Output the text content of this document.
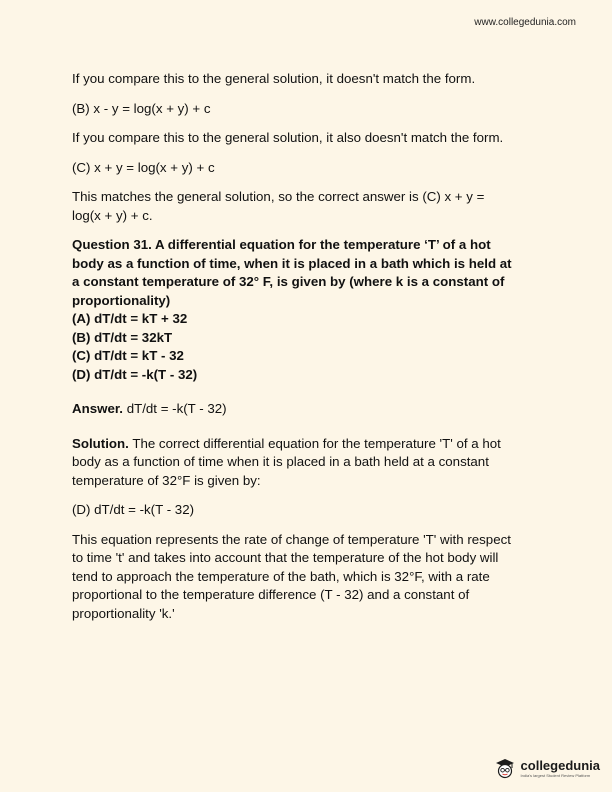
www.collegedunia.com

If you compare this to the general solution, it doesn't match the form.

(B) x - y = log(x + y) + c

If you compare this to the general solution, it also doesn't match the form.

(C) x + y = log(x + y) + c

This matches the general solution, so the correct answer is (C) x + y =
log(x + y) + c.

Question 31. A differential equation for the temperature ‘T’ of a hot
body as a function of time, when it is placed in a bath which is held at
a constant temperature of 32° F, is given by (where k is a constant of
proportionality)
(A) dT/dt = kT + 32
(B) dT/dt = 32kT
(C) dT/dt = kT - 32
(D) dT/dt = -k(T - 32)

Answer. dT/dt = -k(T - 32)

Solution. The correct differential equation for the temperature 'T' of a hot
body as a function of time when it is placed in a bath held at a constant
temperature of 32°F is given by:

(D) dT/dt = -k(T - 32)

This equation represents the rate of change of temperature 'T' with respect
to time 't' and takes into account that the temperature of the hot body will
tend to approach the temperature of the bath, which is 32°F, with a rate
proportional to the temperature difference (T - 32) and a constant of
proportionality 'k.'

collegedunia
India's largest Student Review Platform
